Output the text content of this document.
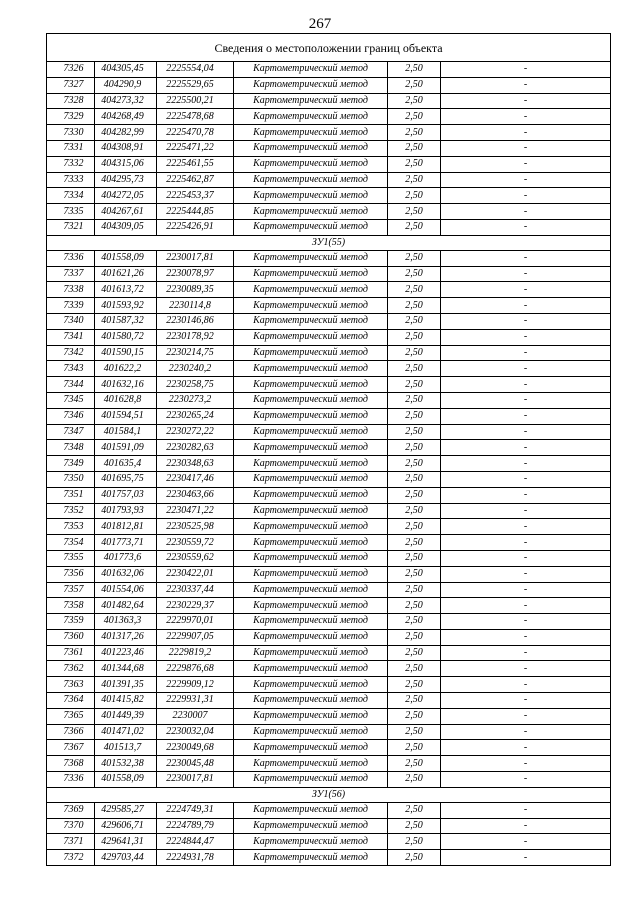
267
Сведения о местоположении границ объекта					
7326	404305,45	2225554,04	Картометрический метод	2,50	-
7327	404290,9	2225529,65	Картометрический метод	2,50	-
7328	404273,32	2225500,21	Картометрический метод	2,50	-
7329	404268,49	2225478,68	Картометрический метод	2,50	-
7330	404282,99	2225470,78	Картометрический метод	2,50	-
7331	404308,91	2225471,22	Картометрический метод	2,50	-
7332	404315,06	2225461,55	Картометрический метод	2,50	-
7333	404295,73	2225462,87	Картометрический метод	2,50	-
7334	404272,05	2225453,37	Картометрический метод	2,50	-
7335	404267,61	2225444,85	Картометрический метод	2,50	-
7321	404309,05	2225426,91	Картометрический метод	2,50	-
ЗУ1(55)					
7336	401558,09	2230017,81	Картометрический метод	2,50	-
7337	401621,26	2230078,97	Картометрический метод	2,50	-
7338	401613,72	2230089,35	Картометрический метод	2,50	-
7339	401593,92	2230114,8	Картометрический метод	2,50	-
7340	401587,32	2230146,86	Картометрический метод	2,50	-
7341	401580,72	2230178,92	Картометрический метод	2,50	-
7342	401590,15	2230214,75	Картометрический метод	2,50	-
7343	401622,2	2230240,2	Картометрический метод	2,50	-
7344	401632,16	2230258,75	Картометрический метод	2,50	-
7345	401628,8	2230273,2	Картометрический метод	2,50	-
7346	401594,51	2230265,24	Картометрический метод	2,50	-
7347	401584,1	2230272,22	Картометрический метод	2,50	-
7348	401591,09	2230282,63	Картометрический метод	2,50	-
7349	401635,4	2230348,63	Картометрический метод	2,50	-
7350	401695,75	2230417,46	Картометрический метод	2,50	-
7351	401757,03	2230463,66	Картометрический метод	2,50	-
7352	401793,93	2230471,22	Картометрический метод	2,50	-
7353	401812,81	2230525,98	Картометрический метод	2,50	-
7354	401773,71	2230559,72	Картометрический метод	2,50	-
7355	401773,6	2230559,62	Картометрический метод	2,50	-
7356	401632,06	2230422,01	Картометрический метод	2,50	-
7357	401554,06	2230337,44	Картометрический метод	2,50	-
7358	401482,64	2230229,37	Картометрический метод	2,50	-
7359	401363,3	2229970,01	Картометрический метод	2,50	-
7360	401317,26	2229907,05	Картометрический метод	2,50	-
7361	401223,46	2229819,2	Картометрический метод	2,50	-
7362	401344,68	2229876,68	Картометрический метод	2,50	-
7363	401391,35	2229909,12	Картометрический метод	2,50	-
7364	401415,82	2229931,31	Картометрический метод	2,50	-
7365	401449,39	2230007	Картометрический метод	2,50	-
7366	401471,02	2230032,04	Картометрический метод	2,50	-
7367	401513,7	2230049,68	Картометрический метод	2,50	-
7368	401532,38	2230045,48	Картометрический метод	2,50	-
7336	401558,09	2230017,81	Картометрический метод	2,50	-
ЗУ1(56)					
7369	429585,27	2224749,31	Картометрический метод	2,50	-
7370	429606,71	2224789,79	Картометрический метод	2,50	-
7371	429641,31	2224844,47	Картометрический метод	2,50	-
7372	429703,44	2224931,78	Картометрический метод	2,50	-
